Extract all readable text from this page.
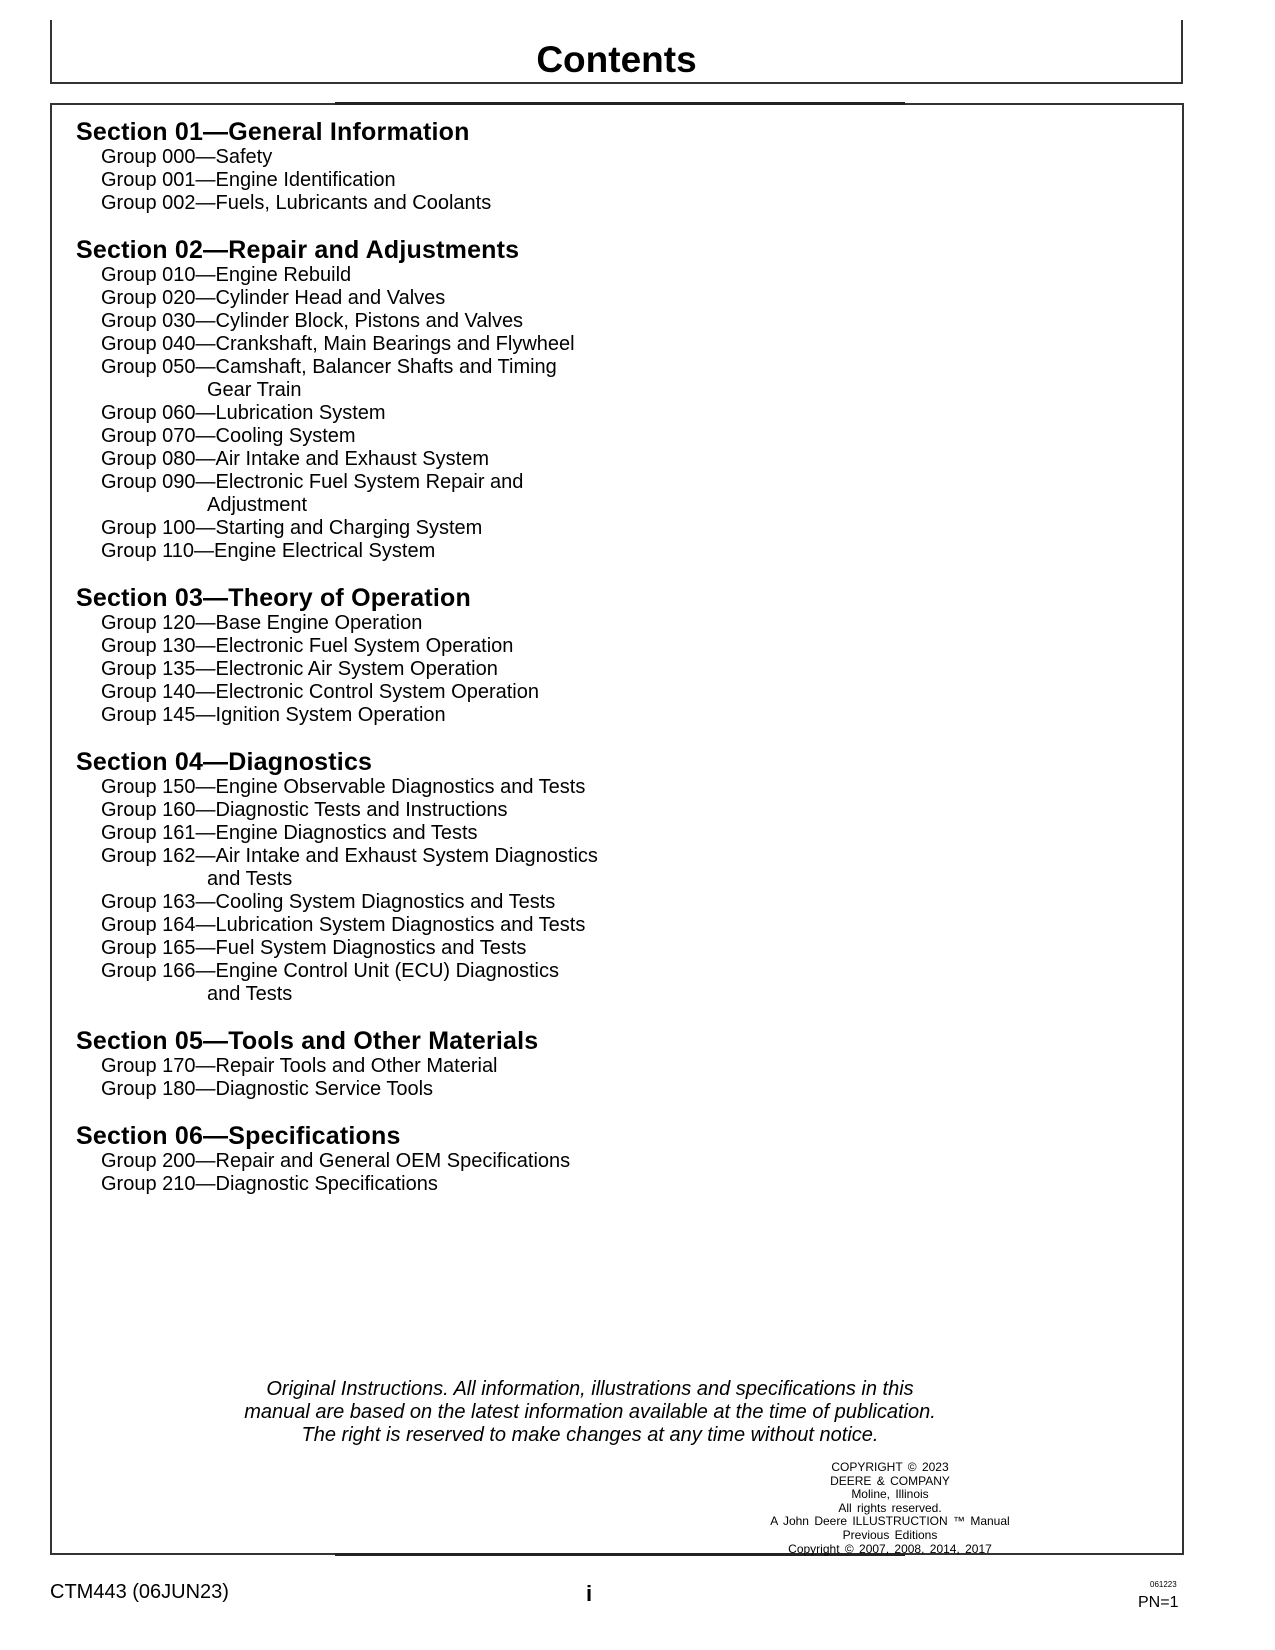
Contents
Section 01—General Information
Group 000—Safety
Group 001—Engine Identification
Group 002—Fuels, Lubricants and Coolants
Section 02—Repair and Adjustments
Group 010—Engine Rebuild
Group 020—Cylinder Head and Valves
Group 030—Cylinder Block, Pistons and Valves
Group 040—Crankshaft, Main Bearings and Flywheel
Group 050—Camshaft, Balancer Shafts and Timing
Gear Train
Group 060—Lubrication System
Group 070—Cooling System
Group 080—Air Intake and Exhaust System
Group 090—Electronic Fuel System Repair and
Adjustment
Group 100—Starting and Charging System
Group 110—Engine Electrical System
Section 03—Theory of Operation
Group 120—Base Engine Operation
Group 130—Electronic Fuel System Operation
Group 135—Electronic Air System Operation
Group 140—Electronic Control System Operation
Group 145—Ignition System Operation
Section 04—Diagnostics
Group 150—Engine Observable Diagnostics and Tests
Group 160—Diagnostic Tests and Instructions
Group 161—Engine Diagnostics and Tests
Group 162—Air Intake and Exhaust System Diagnostics
and Tests
Group 163—Cooling System Diagnostics and Tests
Group 164—Lubrication System Diagnostics and Tests
Group 165—Fuel System Diagnostics and Tests
Group 166—Engine Control Unit (ECU) Diagnostics
and Tests
Section 05—Tools and Other Materials
Group 170—Repair Tools and Other Material
Group 180—Diagnostic Service Tools
Section 06—Specifications
Group 200—Repair and General OEM Specifications
Group 210—Diagnostic Specifications
Original Instructions. All information, illustrations and specifications in this
manual are based on the latest information available at the time of publication.
The right is reserved to make changes at any time without notice.
COPYRIGHT © 2023
DEERE & COMPANY
Moline, Illinois
All rights reserved.
A John Deere ILLUSTRUCTION ™ Manual
Previous Editions
Copyright © 2007, 2008, 2014, 2017
CTM443 (06JUN23)	i	061223
PN=1
